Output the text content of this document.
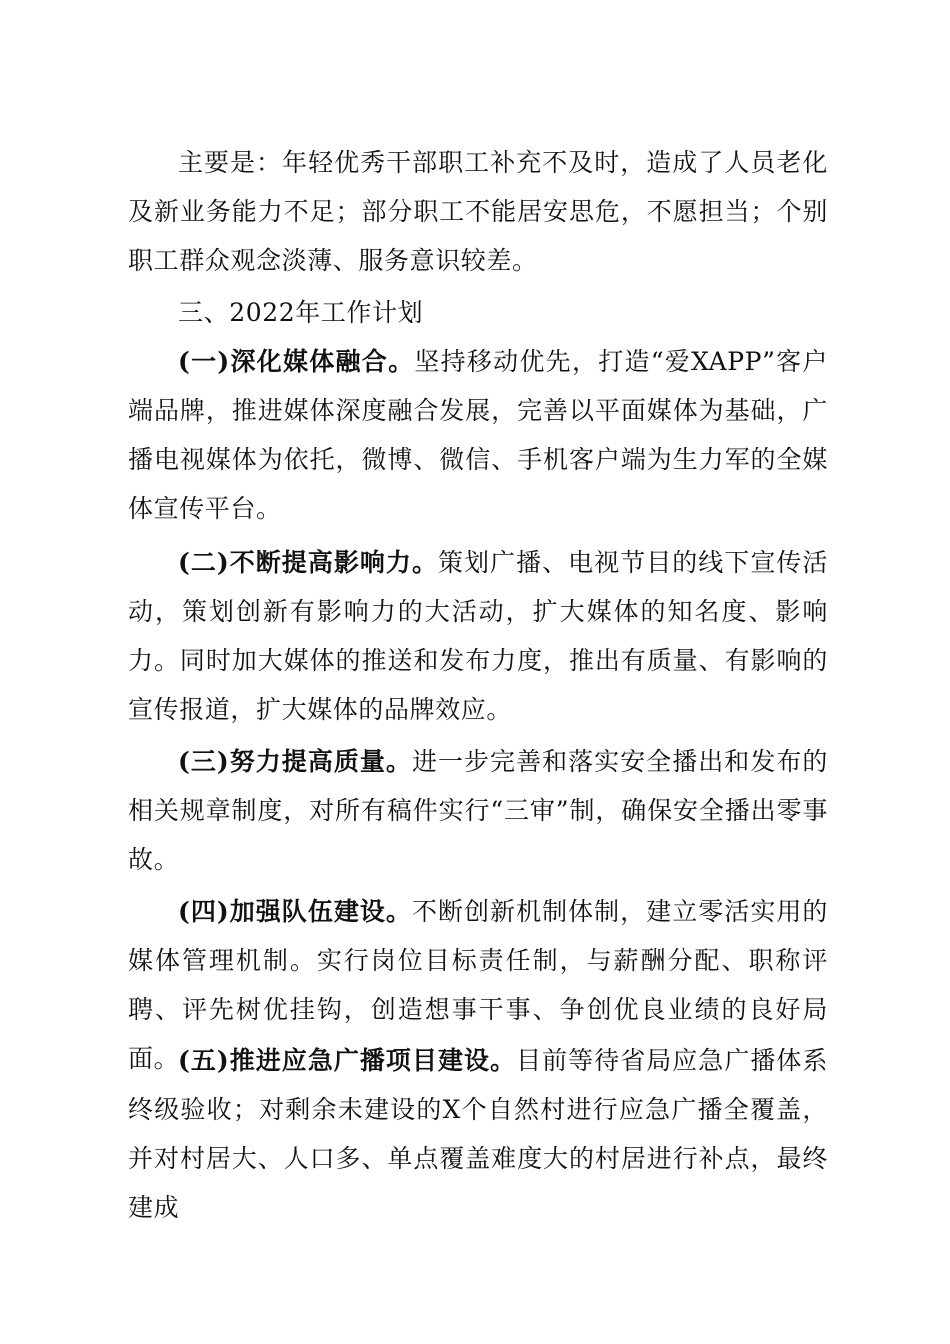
主要是：年轻优秀干部职工补充不及时，造成了人员老化及新业务能力不足；部分职工不能居安思危，不愿担当；个别职工群众观念淡薄、服务意识较差。

三、2022年工作计划

(一)深化媒体融合。坚持移动优先，打造“爱XAPP”客户端品牌，推进媒体深度融合发展，完善以平面媒体为基础，广播电视媒体为依托，微博、微信、手机客户端为生力军的全媒体宣传平台。

(二)不断提高影响力。策划广播、电视节目的线下宣传活动，策划创新有影响力的大活动，扩大媒体的知名度、影响力。同时加大媒体的推送和发布力度，推出有质量、有影响的宣传报道，扩大媒体的品牌效应。

(三)努力提高质量。进一步完善和落实安全播出和发布的相关规章制度，对所有稿件实行“三审”制，确保安全播出零事故。

(四)加强队伍建设。不断创新机制体制，建立零活实用的媒体管理机制。实行岗位目标责任制，与薪酬分配、职称评聘、评先树优挂钩，创造想事干事、争创优良业绩的良好局面。

(五)推进应急广播项目建设。目前等待省局应急广播体系终级验收；对剩余未建设的X个自然村进行应急广播全覆盖，并对村居大、人口多、单点覆盖难度大的村居进行补点，最终建成
